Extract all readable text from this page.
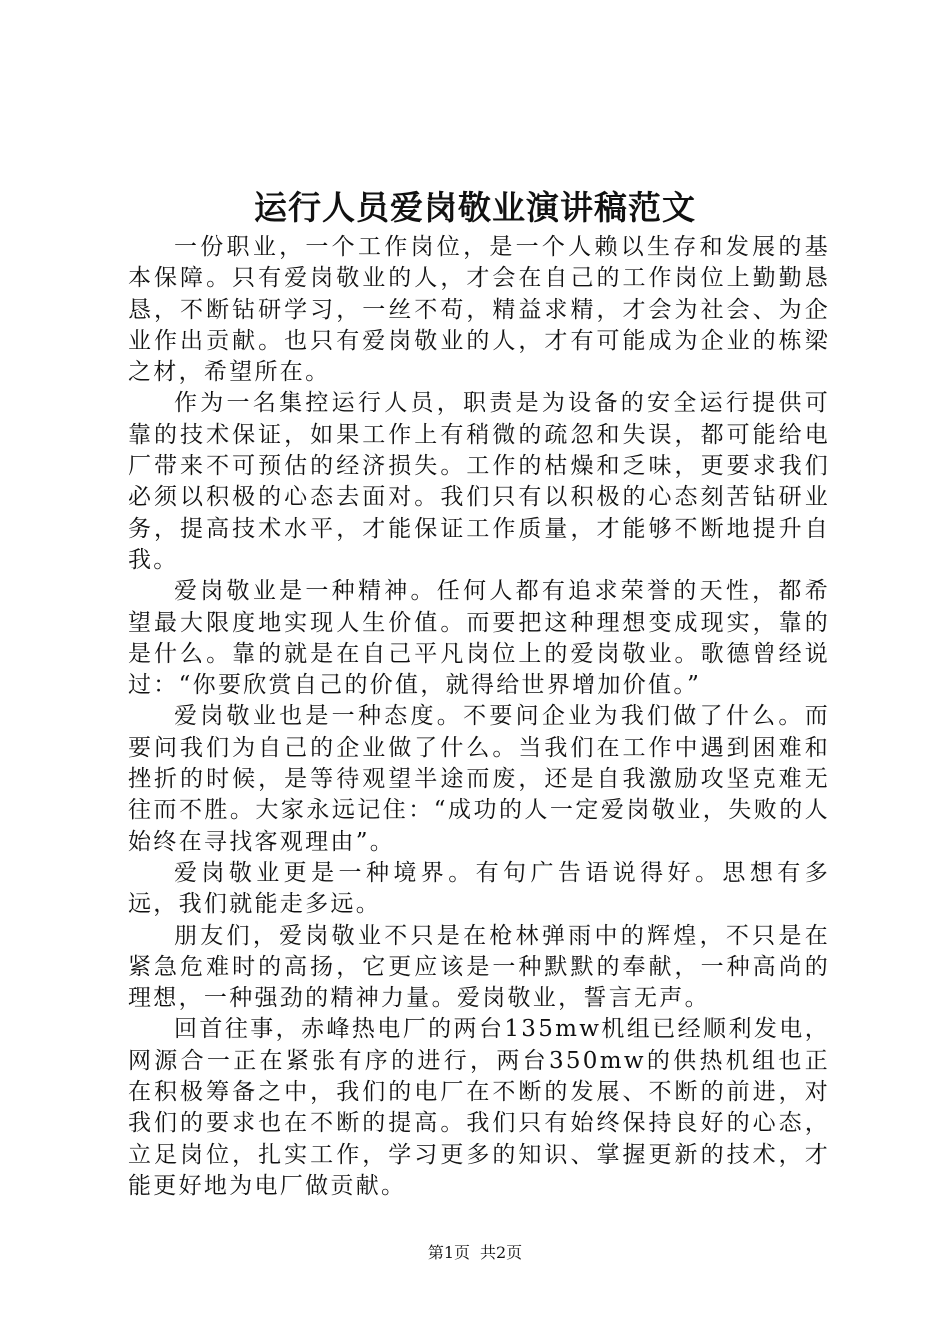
运行人员爱岗敬业演讲稿范文

一份职业，一个工作岗位，是一个人赖以生存和发展的基本保障。只有爱岗敬业的人，才会在自己的工作岗位上勤勤恳恳，不断钻研学习，一丝不苟，精益求精，才会为社会、为企业作出贡献。也只有爱岗敬业的人，才有可能成为企业的栋梁之材，希望所在。

作为一名集控运行人员，职责是为设备的安全运行提供可靠的技术保证，如果工作上有稍微的疏忽和失误，都可能给电厂带来不可预估的经济损失。工作的枯燥和乏味，更要求我们必须以积极的心态去面对。我们只有以积极的心态刻苦钻研业务，提高技术水平，才能保证工作质量，才能够不断地提升自我。

爱岗敬业是一种精神。任何人都有追求荣誉的天性，都希望最大限度地实现人生价值。而要把这种理想变成现实，靠的是什么。靠的就是在自己平凡岗位上的爱岗敬业。歌德曾经说过：“你要欣赏自己的价值，就得给世界增加价值。”

爱岗敬业也是一种态度。不要问企业为我们做了什么。而要问我们为自己的企业做了什么。当我们在工作中遇到困难和挫折的时候，是等待观望半途而废，还是自我激励攻坚克难无往而不胜。大家永远记住：“成功的人一定爱岗敬业，失败的人始终在寻找客观理由”。

爱岗敬业更是一种境界。有句广告语说得好。思想有多远，我们就能走多远。

朋友们，爱岗敬业不只是在枪林弹雨中的辉煌，不只是在紧急危难时的高扬，它更应该是一种默默的奉献，一种高尚的理想，一种强劲的精神力量。爱岗敬业，誓言无声。

回首往事，赤峰热电厂的两台135mw机组已经顺利发电，网源合一正在紧张有序的进行，两台350mw的供热机组也正在积极筹备之中，我们的电厂在不断的发展、不断的前进，对我们的要求也在不断的提高。我们只有始终保持良好的心态，立足岗位，扎实工作，学习更多的知识、掌握更新的技术，才能更好地为电厂做贡献。

第1页 共2页
